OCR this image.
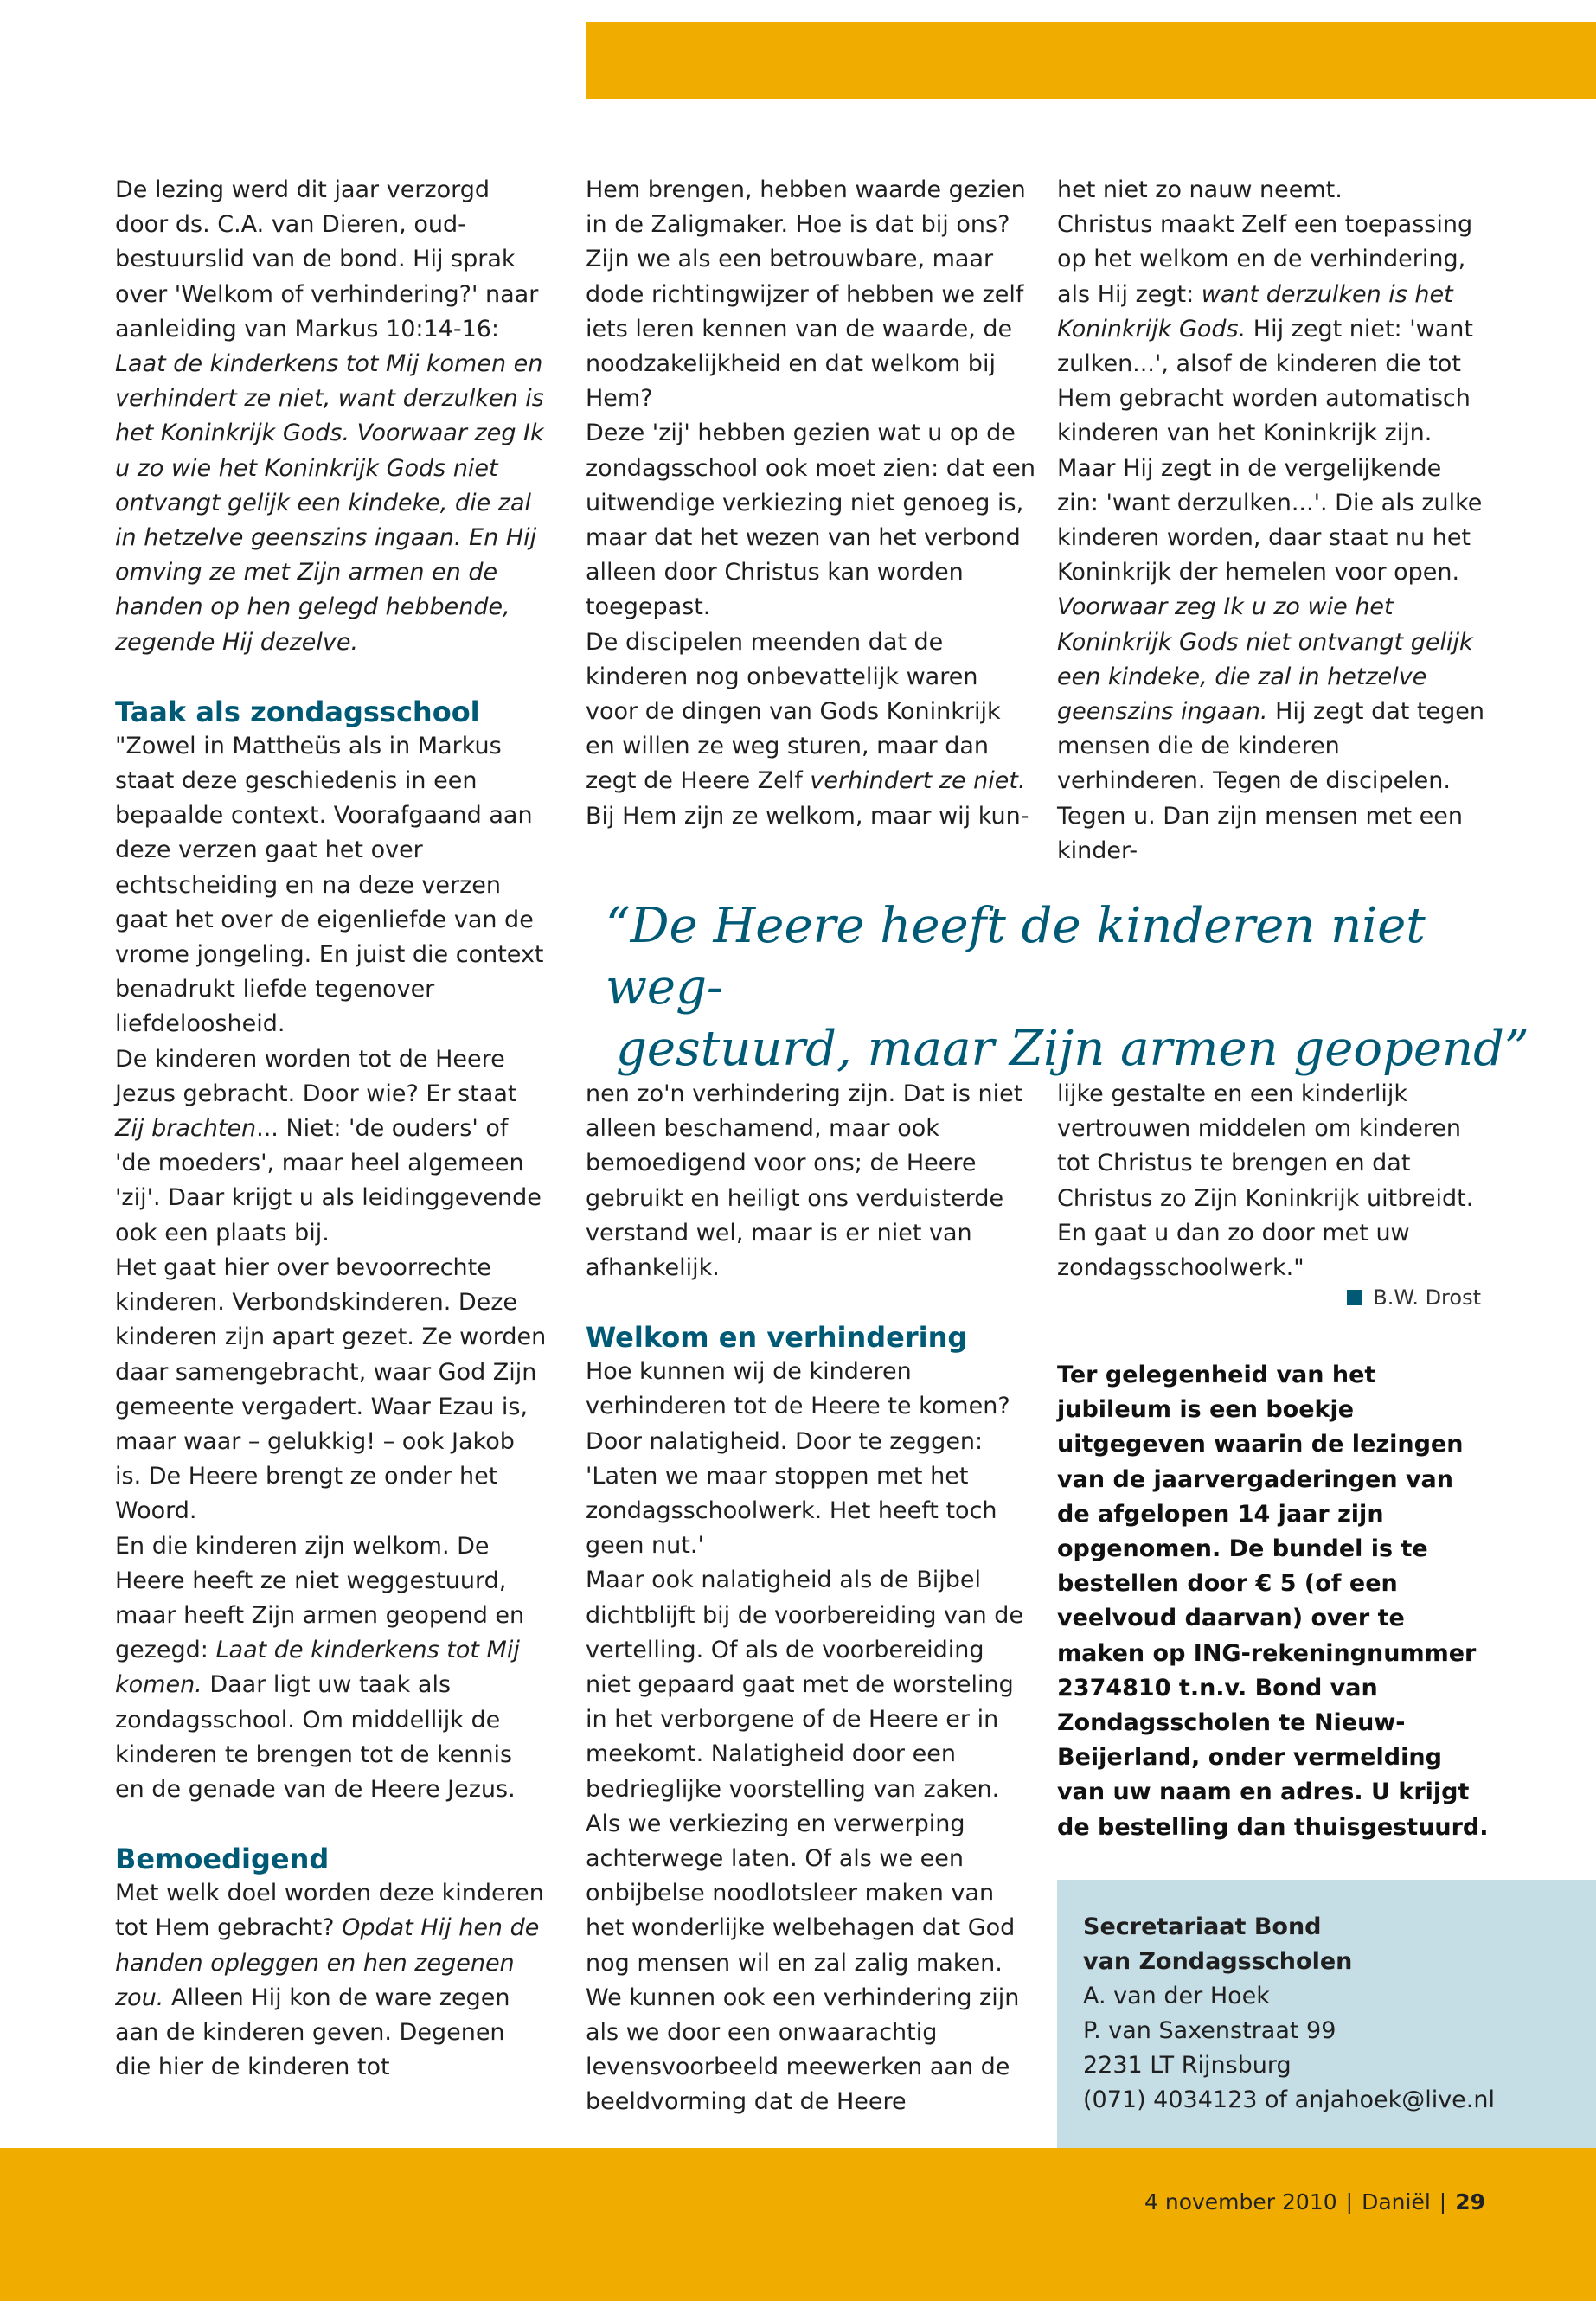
De lezing werd dit jaar verzorgd door ds. C.A. van Dieren, oud-bestuurslid van de bond. Hij sprak over 'Welkom of verhindering?' naar aanleiding van Markus 10:14-16: Laat de kinderkens tot Mij komen en verhindert ze niet, want derzulken is het Koninkrijk Gods. Voorwaar zeg Ik u zo wie het Koninkrijk Gods niet ontvangt gelijk een kindeke, die zal in hetzelve geenszins ingaan. En Hij omving ze met Zijn armen en de handen op hen gelegd hebbende, zegende Hij dezelve.

Taak als zondagsschool

"Zowel in Mattheüs als in Markus staat deze geschiedenis in een bepaalde context. Voorafgaand aan deze verzen gaat het over echtscheiding en na deze verzen gaat het over de eigenliefde van de vrome jongeling. En juist die context benadrukt liefde tegenover liefdeloosheid.

De kinderen worden tot de Heere Jezus gebracht. Door wie? Er staat Zij brachten... Niet: 'de ouders' of 'de moeders', maar heel algemeen 'zij'. Daar krijgt u als leidinggevende ook een plaats bij.

Het gaat hier over bevoorrechte kinderen. Verbondskinderen. Deze kinderen zijn apart gezet. Ze worden daar samengebracht, waar God Zijn gemeente vergadert. Waar Ezau is, maar waar – gelukkig! – ook Jakob is. De Heere brengt ze onder het Woord.

En die kinderen zijn welkom. De Heere heeft ze niet weggestuurd, maar heeft Zijn armen geopend en gezegd: Laat de kinderkens tot Mij komen. Daar ligt uw taak als zondagsschool. Om middellijk de kinderen te brengen tot de kennis en de genade van de Heere Jezus.

Bemoedigend

Met welk doel worden deze kinderen tot Hem gebracht? Opdat Hij hen de handen opleggen en hen zegenen zou. Alleen Hij kon de ware zegen aan de kinderen geven. Degenen die hier de kinderen tot

Hem brengen, hebben waarde gezien in de Zaligmaker. Hoe is dat bij ons? Zijn we als een betrouwbare, maar dode richtingwijzer of hebben we zelf iets leren kennen van de waarde, de noodzakelijkheid en dat welkom bij Hem?

Deze 'zij' hebben gezien wat u op de zondagsschool ook moet zien: dat een uitwendige verkiezing niet genoeg is, maar dat het wezen van het verbond alleen door Christus kan worden toegepast.

De discipelen meenden dat de kinderen nog onbevattelijk waren voor de dingen van Gods Koninkrijk en willen ze weg sturen, maar dan zegt de Heere Zelf verhindert ze niet. Bij Hem zijn ze welkom, maar wij kun-

het niet zo nauw neemt.

Christus maakt Zelf een toepassing op het welkom en de verhindering, als Hij zegt: want derzulken is het Koninkrijk Gods. Hij zegt niet: 'want zulken...', alsof de kinderen die tot Hem gebracht worden automatisch kinderen van het Koninkrijk zijn.

Maar Hij zegt in de vergelijkende zin: 'want derzulken...'. Die als zulke kinderen worden, daar staat nu het Koninkrijk der hemelen voor open. Voorwaar zeg Ik u zo wie het Koninkrijk Gods niet ontvangt gelijk een kindeke, die zal in hetzelve geenszins ingaan. Hij zegt dat tegen mensen die de kinderen verhinderen. Tegen de discipelen. Tegen u. Dan zijn mensen met een kinder-

“De Heere heeft de kinderen niet weg-
gestuurd, maar Zijn armen geopend”

nen zo'n verhindering zijn. Dat is niet alleen beschamend, maar ook bemoedigend voor ons; de Heere gebruikt en heiligt ons verduisterde verstand wel, maar is er niet van afhankelijk.

Welkom en verhindering

Hoe kunnen wij de kinderen verhinderen tot de Heere te komen? Door nalatigheid. Door te zeggen: 'Laten we maar stoppen met het zondagsschoolwerk. Het heeft toch geen nut.'

Maar ook nalatigheid als de Bijbel dichtblijft bij de voorbereiding van de vertelling. Of als de voorbereiding niet gepaard gaat met de worsteling in het verborgene of de Heere er in meekomt. Nalatigheid door een bedrieglijke voorstelling van zaken. Als we verkiezing en verwerping achterwege laten. Of als we een onbijbelse noodlotsleer maken van het wonderlijke welbehagen dat God nog mensen wil en zal zalig maken. We kunnen ook een verhindering zijn als we door een onwaarachtig levensvoorbeeld meewerken aan de beeldvorming dat de Heere

lijke gestalte en een kinderlijk vertrouwen middelen om kinderen tot Christus te brengen en dat Christus zo Zijn Koninkrijk uitbreidt. En gaat u dan zo door met uw zondagsschoolwerk."

B.W. Drost
Ter gelegenheid van het jubileum is een boekje uitgegeven waarin de lezingen van de jaarvergaderingen van de afgelopen 14 jaar zijn opgenomen. De bundel is te bestellen door € 5 (of een veelvoud daarvan) over te maken op ING-rekeningnummer 2374810 t.n.v. Bond van Zondagsscholen te Nieuw-Beijerland, onder vermelding van uw naam en adres. U krijgt de bestelling dan thuisgestuurd.
Secretariaat Bond
van Zondagsscholen
A. van der Hoek
P. van Saxenstraat 99
2231 LT Rijnsburg
(071) 4034123 of anjahoek@live.nl
4 november 2010 | Daniël | 29
